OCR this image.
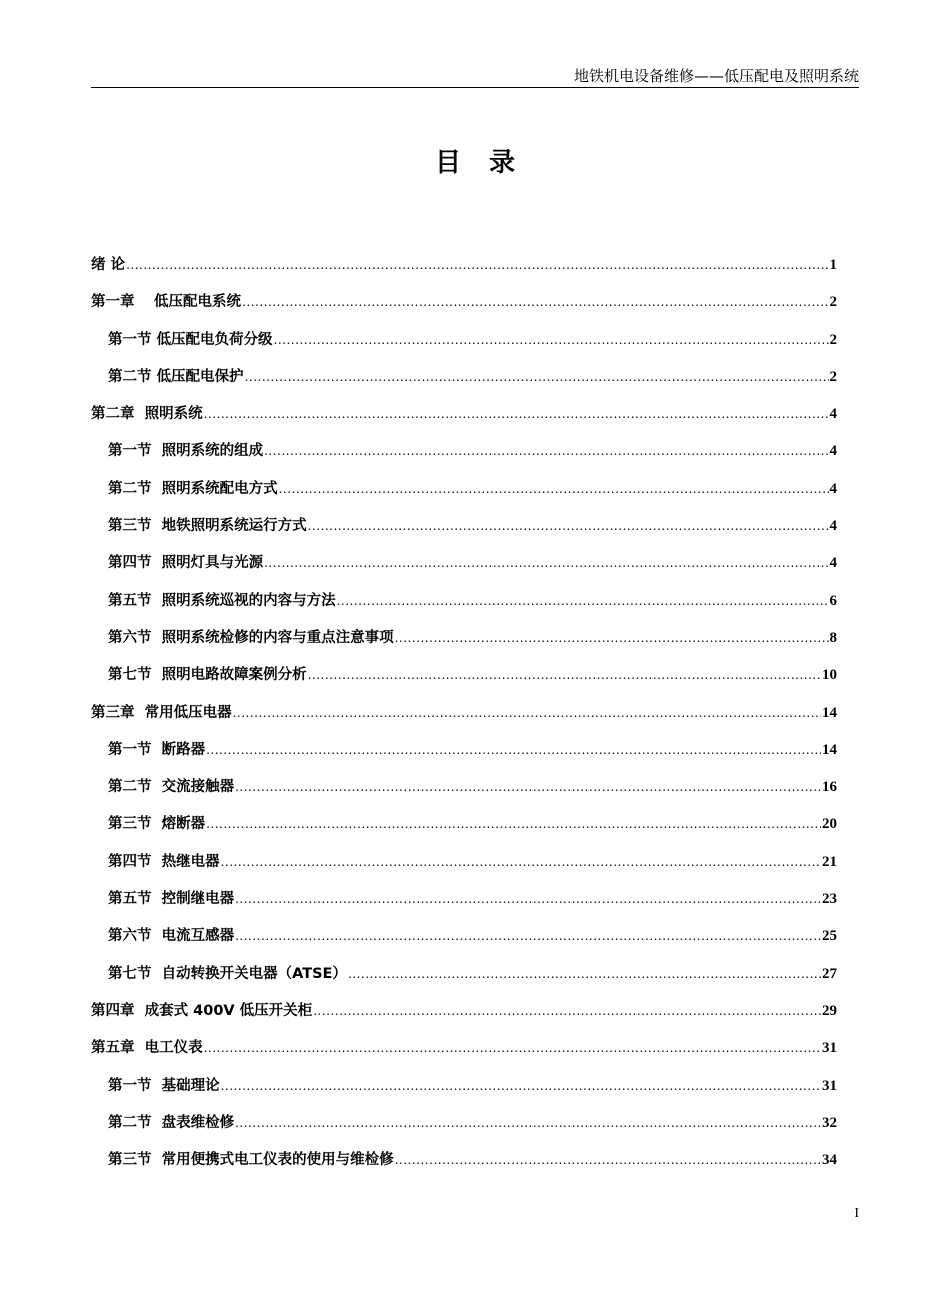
地铁机电设备维修——低压配电及照明系统
目录
绪 论 .....	1
第一章　 低压配电系统 .....	2
第一节 低压配电负荷分级 .....	2
第二节 低压配电保护 .....	2
第二章  照明系统 .....	4
第一节  照明系统的组成 .....	4
第二节  照明系统配电方式 .....	4
第三节  地铁照明系统运行方式 .....	4
第四节  照明灯具与光源 .....	4
第五节  照明系统巡视的内容与方法 .....	6
第六节  照明系统检修的内容与重点注意事项 .....	8
第七节  照明电路故障案例分析 .....	10
第三章  常用低压电器 .....	14
第一节  断路器 .....	14
第二节  交流接触器 .....	16
第三节  熔断器 .....	20
第四节  热继电器 .....	21
第五节  控制继电器 .....	23
第六节  电流互感器 .....	25
第七节  自动转换开关电器（ATSE） .....	27
第四章  成套式 400V 低压开关柜 .....	29
第五章  电工仪表 .....	31
第一节  基础理论 .....	31
第二节  盘表维检修 .....	32
第三节  常用便携式电工仪表的使用与维检修 .....	34
I
